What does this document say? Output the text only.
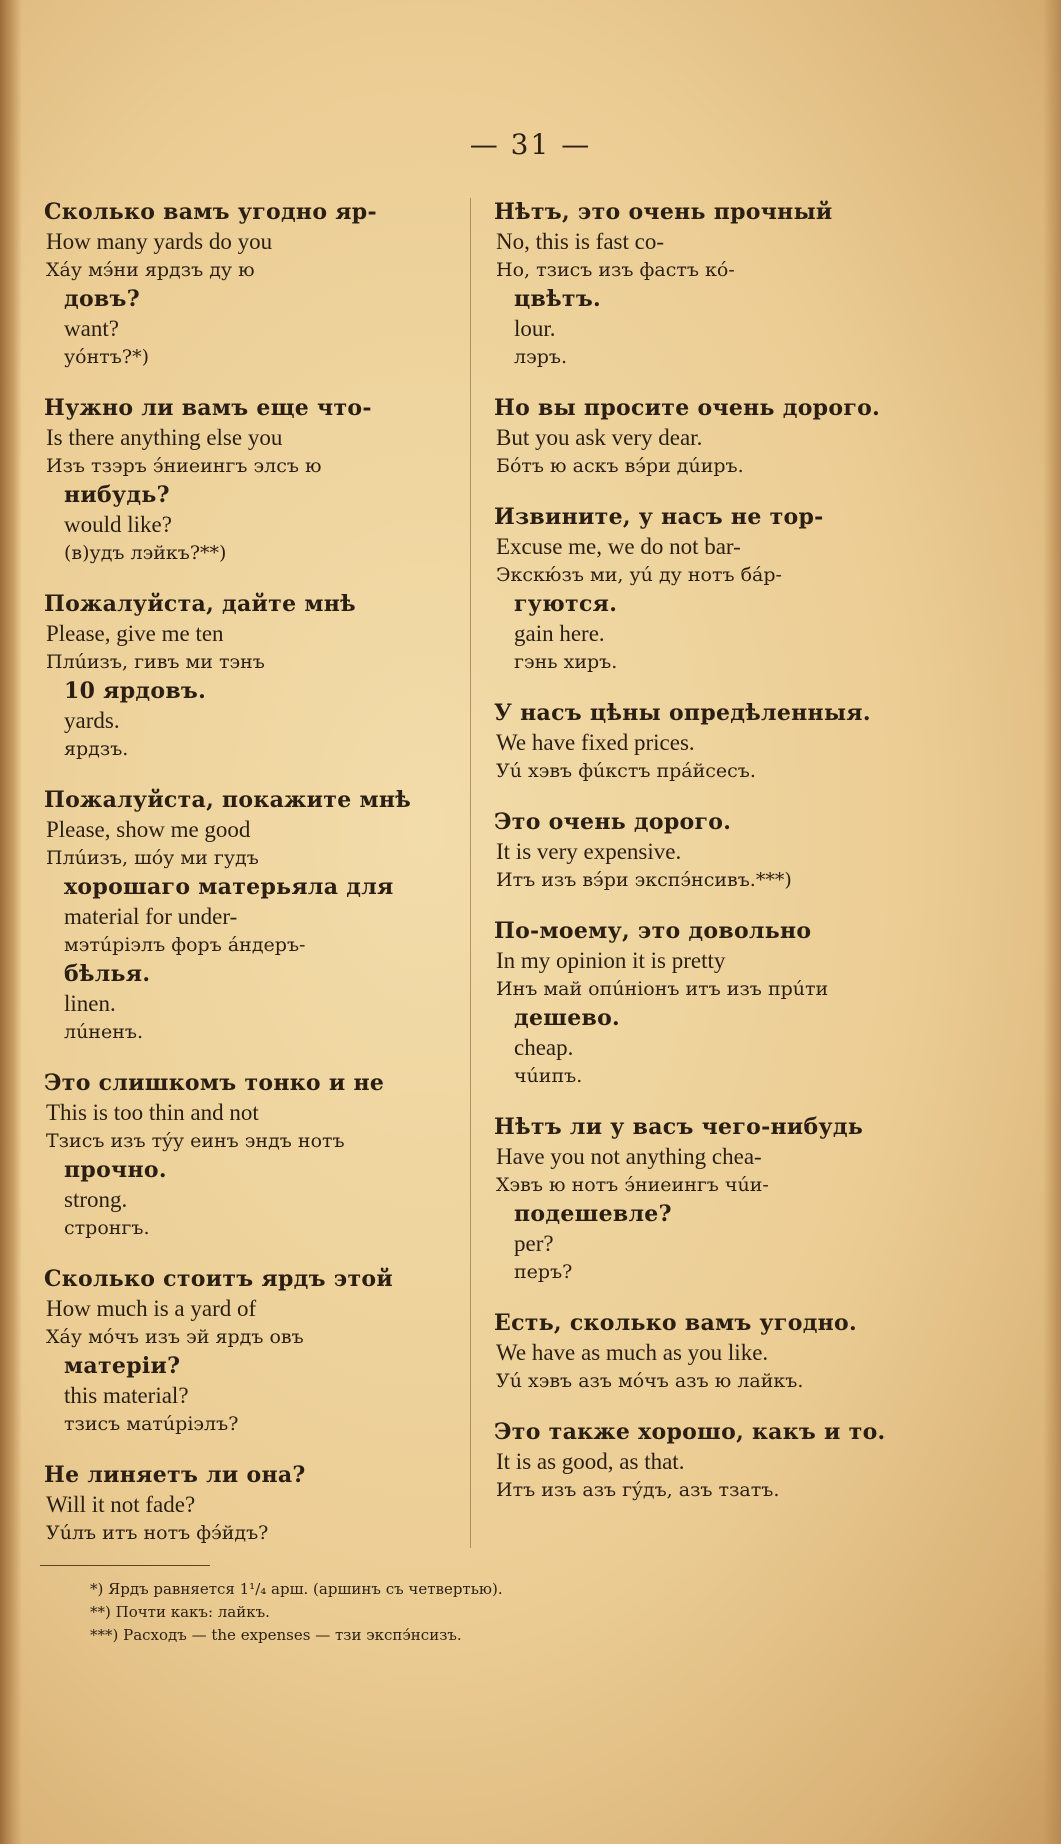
— 31 —
Сколько вамъ угодно яр-
How many yards do you
Хáу мэ́ни ярдзъ ду ю
довъ?
want?
уóнтъ?*)
Нужно ли вамъ еще что-
Is there anything else you
Изъ тзэръ э́ниеингъ элсъ ю
нибудь?
would like?
(в)удъ лэйкъ?**)
Пожалуйста, дайте мнѣ
Please, give me ten
Плúизъ, гивъ ми тэнъ
10 ярдовъ.
yards.
ярдзъ.
Пожалуйста, покажите мнѣ
Please, show me good
Плúизъ, шóу ми гудъ
хорошаго матерьяла для
material for under-
мэтúріэлъ форъ áндеръ-
бѣлья.
linen.
лúненъ.
Это слишкомъ тонко и не
This is too thin and not
Тзисъ изъ тýу еинъ эндъ нотъ
прочно.
strong.
стронгъ.
Сколько стоитъ ярдъ этой
How much is a yard of
Хáу мóчъ изъ эй ярдъ овъ
матеріи?
this material?
тзисъ матúріэлъ?
Не линяетъ ли она?
Will it not fade?
Уúлъ итъ нотъ фэ́йдъ?
Нѣтъ, это очень прочный
No, this is fast co-
Но, тзисъ изъ фастъ кó-
цвѣтъ.
lour.
лэръ.
Но вы просите очень дорого.
But you ask very dear.
Бóтъ ю аскъ вэ́ри дúиръ.
Извините, у насъ не тор-
Excuse me, we do not bar-
Экскю́зъ ми, уú ду нотъ бáр-
гуются.
gain here.
гэнь хиръ.
У насъ цѣны опредѣленныя.
We have fixed prices.
Уú хэвъ фúкстъ прáйсесъ.
Это очень дорого.
It is very expensive.
Итъ изъ вэ́ри экспэ́нсивъ.***)
По-моему, это довольно
In my opinion it is pretty
Инъ май опúніонъ итъ изъ прúти
дешево.
cheap.
чúипъ.
Нѣтъ ли у васъ чего-нибудь
Have you not anything chea-
Хэвъ ю нотъ э́ниеингъ чúи-
подешевле?
per?
перъ?
Есть, сколько вамъ угодно.
We have as much as you like.
Уú хэвъ азъ мóчъ азъ ю лайкъ.
Это также хорошо, какъ и то.
It is as good, as that.
Итъ изъ азъ гýдъ, азъ тзатъ.
*) Ярдъ равняется 1¹/₄ арш. (аршинъ съ четвертью).
**) Почти какъ: лайкъ.
***) Расходъ — the expenses — тзи экспэ́нсизъ.
